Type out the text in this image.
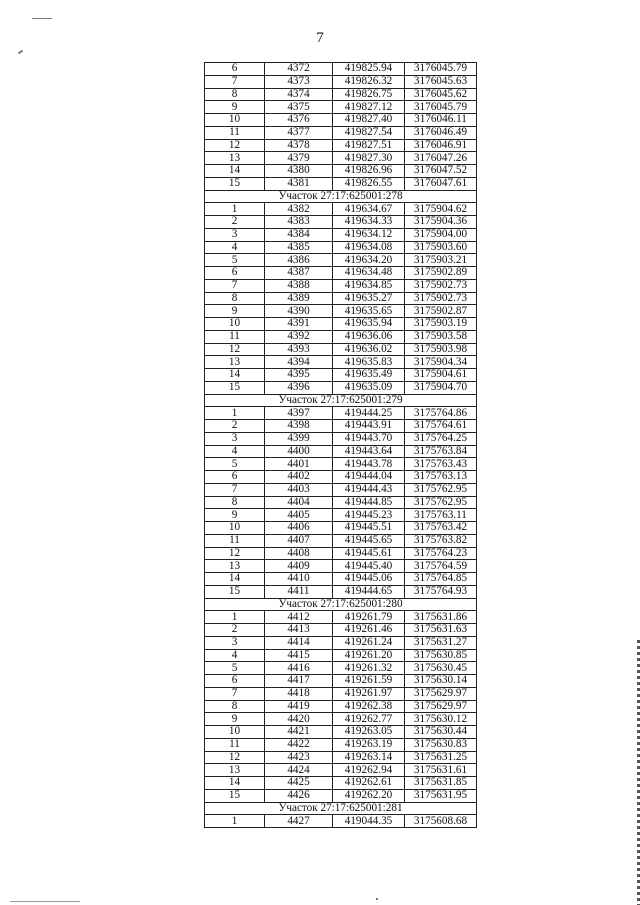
7
6	4372	419825.94	3176045.79
7	4373	419826.32	3176045.63
8	4374	419826.75	3176045.62
9	4375	419827.12	3176045.79
10	4376	419827.40	3176046.11
11	4377	419827.54	3176046.49
12	4378	419827.51	3176046.91
13	4379	419827.30	3176047.26
14	4380	419826.96	3176047.52
15	4381	419826.55	3176047.61
Участок 27:17:625001:278			
1	4382	419634.67	3175904.62
2	4383	419634.33	3175904.36
3	4384	419634.12	3175904.00
4	4385	419634.08	3175903.60
5	4386	419634.20	3175903.21
6	4387	419634.48	3175902.89
7	4388	419634.85	3175902.73
8	4389	419635.27	3175902.73
9	4390	419635.65	3175902.87
10	4391	419635.94	3175903.19
11	4392	419636.06	3175903.58
12	4393	419636.02	3175903.98
13	4394	419635.83	3175904.34
14	4395	419635.49	3175904.61
15	4396	419635.09	3175904.70
Участок 27:17:625001:279			
1	4397	419444.25	3175764.86
2	4398	419443.91	3175764.61
3	4399	419443.70	3175764.25
4	4400	419443.64	3175763.84
5	4401	419443.78	3175763.43
6	4402	419444.04	3175763.13
7	4403	419444.43	3175762.95
8	4404	419444.85	3175762.95
9	4405	419445.23	3175763.11
10	4406	419445.51	3175763.42
11	4407	419445.65	3175763.82
12	4408	419445.61	3175764.23
13	4409	419445.40	3175764.59
14	4410	419445.06	3175764.85
15	4411	419444.65	3175764.93
Участок 27:17:625001:280			
1	4412	419261.79	3175631.86
2	4413	419261.46	3175631.63
3	4414	419261.24	3175631.27
4	4415	419261.20	3175630.85
5	4416	419261.32	3175630.45
6	4417	419261.59	3175630.14
7	4418	419261.97	3175629.97
8	4419	419262.38	3175629.97
9	4420	419262.77	3175630.12
10	4421	419263.05	3175630.44
11	4422	419263.19	3175630.83
12	4423	419263.14	3175631.25
13	4424	419262.94	3175631.61
14	4425	419262.61	3175631.85
15	4426	419262.20	3175631.95
Участок 27:17:625001:281			
1	4427	419044.35	3175608.68
